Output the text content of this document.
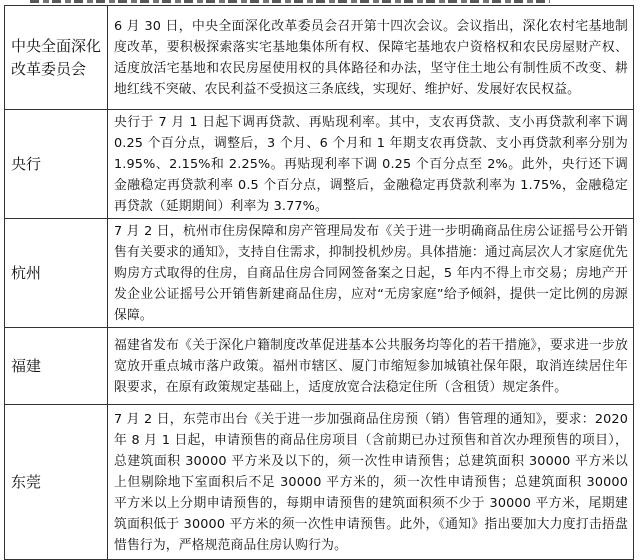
中央全面深化改革委员会	6 月 30 日，中央全面深化改革委员会召开第十四次会议。会议指出，深化农村宅基地制度改革，要积极探索落实宅基地集体所有权、保障宅基地农户资格权和农民房屋财产权、适度放活宅基地和农民房屋使用权的具体路径和办法，坚守住土地公有制性质不改变、耕地红线不突破、农民利益不受损这三条底线，实现好、维护好、发展好农民权益。
央行	央行于 7 月 1 日起下调再贷款、再贴现利率。其中，支农再贷款、支小再贷款利率下调 0.25 个百分点，调整后，3 个月、6 个月和 1 年期支农再贷款、支小再贷款利率分别为 1.95%、2.15%和 2.25%。再贴现利率下调 0.25 个百分点至 2%。此外，央行还下调金融稳定再贷款利率 0.5 个百分点，调整后，金融稳定再贷款利率为 1.75%，金融稳定再贷款（延期期间）利率为 3.77%。
杭州	7 月 2 日，杭州市住房保障和房产管理局发布《关于进一步明确商品住房公证摇号公开销售有关要求的通知》，支持自住需求，抑制投机炒房。具体措施：通过高层次人才家庭优先购房方式取得的住房，自商品住房合同网签备案之日起，5 年内不得上市交易；房地产开发企业公证摇号公开销售新建商品住房，应对“无房家庭”给予倾斜，提供一定比例的房源保障。
福建	福建省发布《关于深化户籍制度改革促进基本公共服务均等化的若干措施》，要求进一步放宽放开重点城市落户政策。福州市辖区、厦门市缩短参加城镇社保年限，取消连续居住年限要求，在原有政策规定基础上，适度放宽合法稳定住所（含租赁）规定条件。
东莞	7 月 2 日，东莞市出台《关于进一步加强商品住房预（销）售管理的通知》，要求：2020 年 8 月 1 日起，申请预售的商品住房项目（含前期已办过预售和首次办理预售的项目），总建筑面积 30000 平方米及以下的，须一次性申请预售；总建筑面积 30000 平方米以上但剔除地下室面积后不足 30000 平方米的，须一次性申请预售；总建筑面积 30000 平方米以上分期申请预售的，每期申请预售的建筑面积须不少于 30000 平方米，尾期建筑面积低于 30000 平方米的须一次性申请预售。此外，《通知》指出要加大力度打击捂盘惜售行为，严格规范商品住房认购行为。
